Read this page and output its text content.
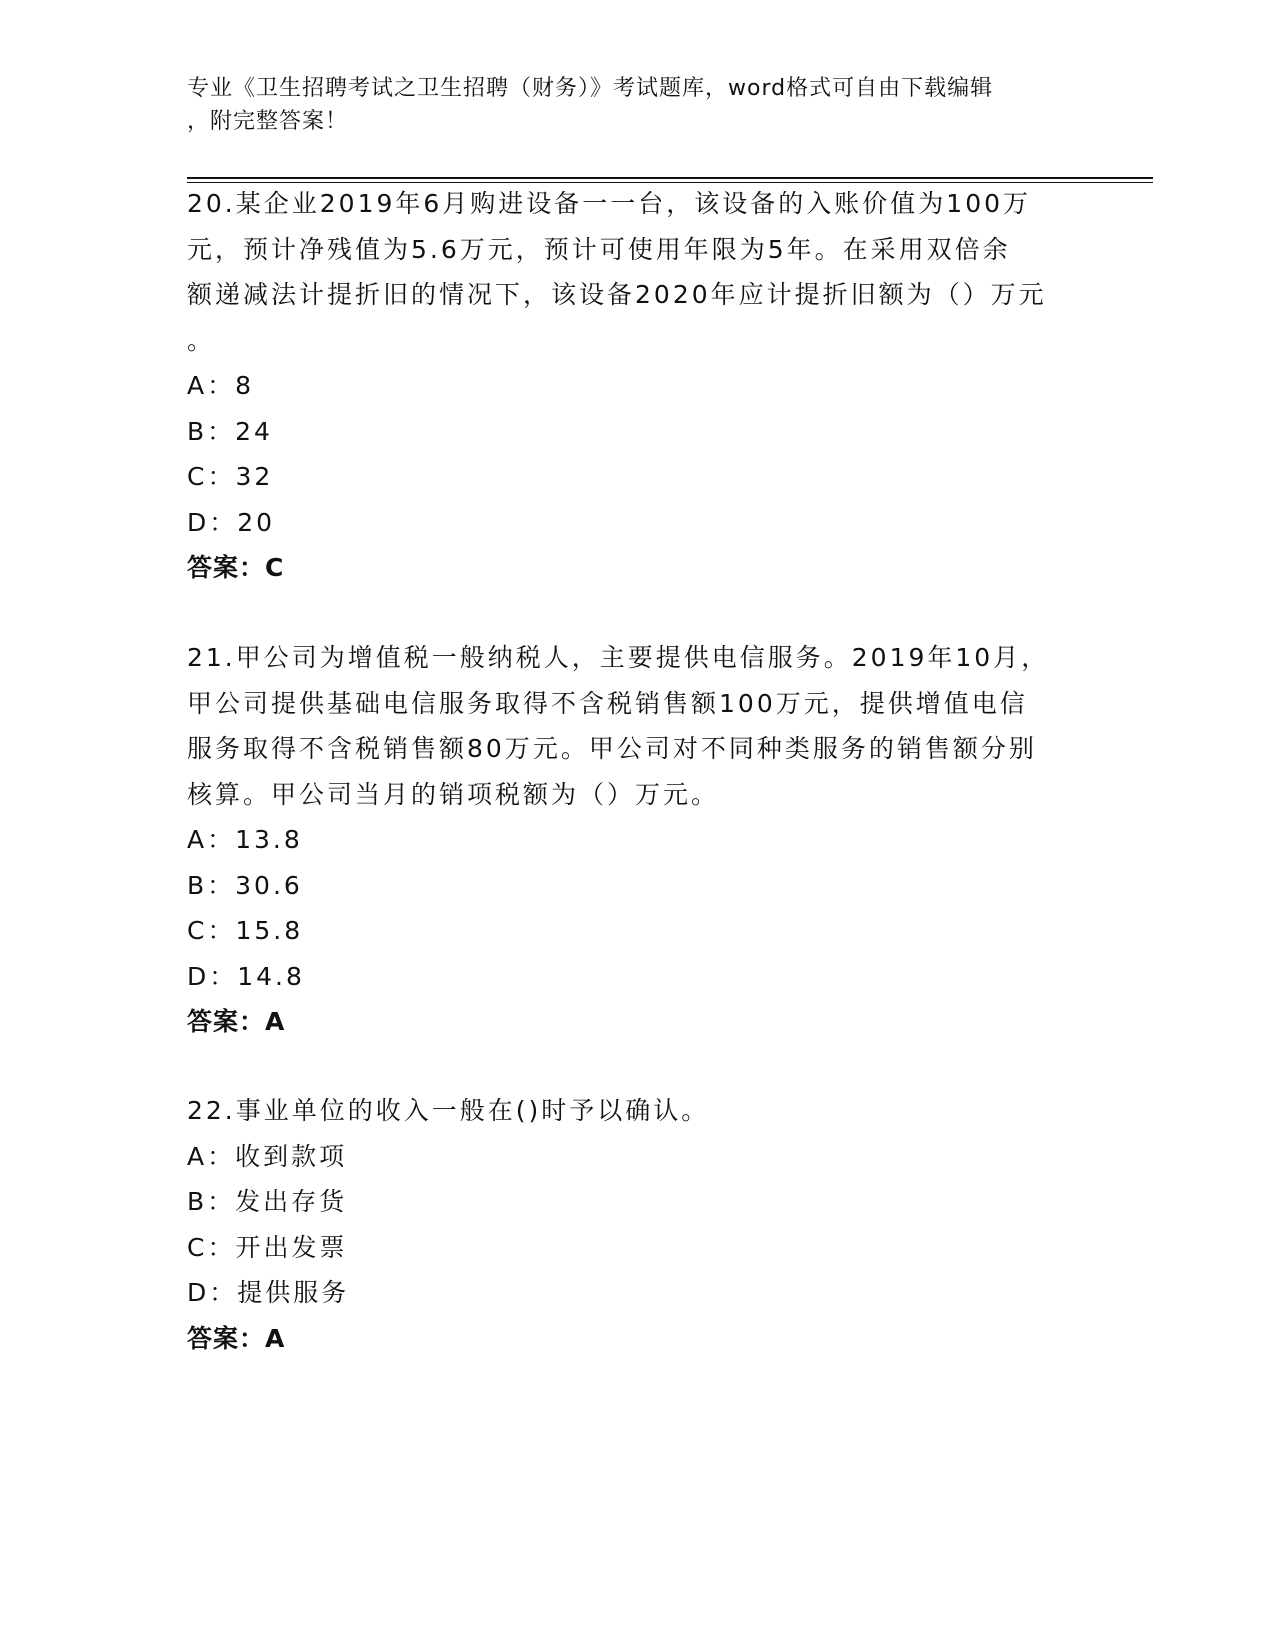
专业《卫生招聘考试之卫生招聘（财务）》考试题库，word格式可自由下载编辑
，附完整答案！

20.某企业2019年6月购进设备一一台，该设备的入账价值为100万

元，预计净残值为5.6万元，预计可使用年限为5年。在采用双倍余

额递减法计提折旧的情况下，该设备2020年应计提折旧额为（）万元

。

A：8

B：24

C：32

D：20

答案：C

21.甲公司为增值税一般纳税人，主要提供电信服务。2019年10月，

甲公司提供基础电信服务取得不含税销售额100万元，提供增值电信

服务取得不含税销售额80万元。甲公司对不同种类服务的销售额分别

核算。甲公司当月的销项税额为（）万元。

A：13.8

B：30.6

C：15.8

D：14.8

答案：A

22.事业单位的收入一般在()时予以确认。

A：收到款项

B：发出存货

C：开出发票

D：提供服务

答案：A
